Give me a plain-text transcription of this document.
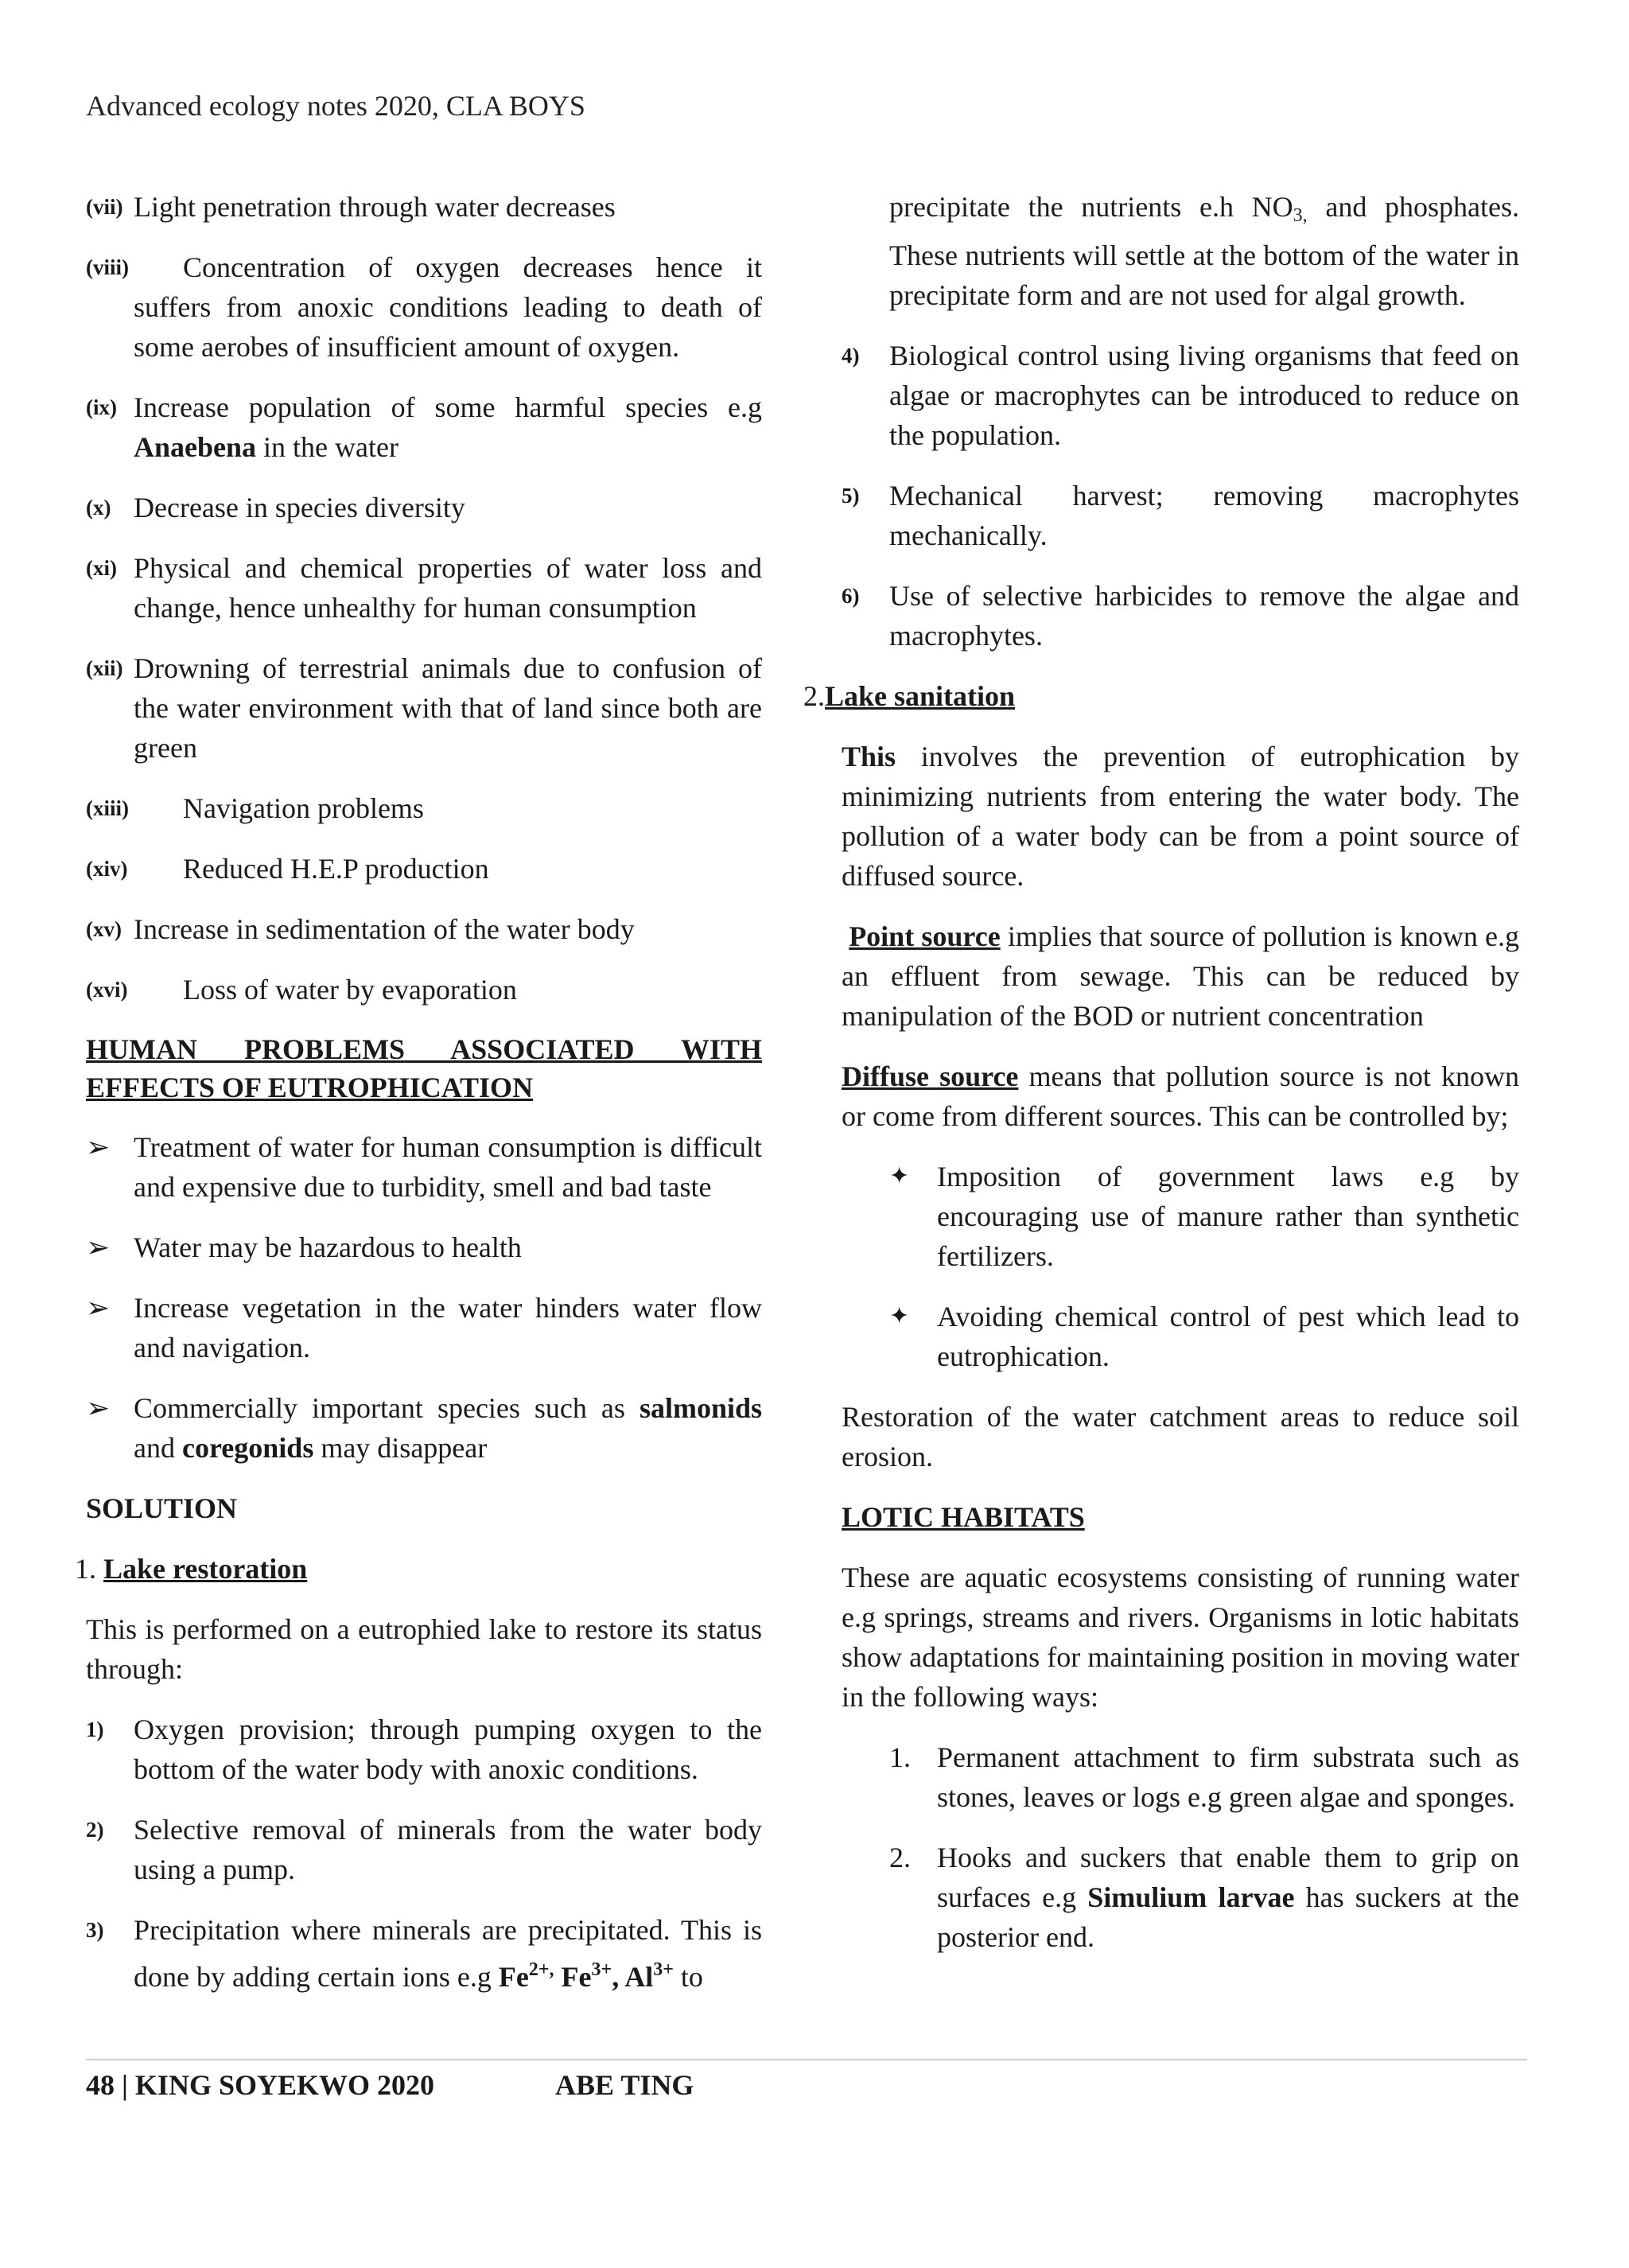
Advanced ecology notes 2020, CLA BOYS
(vii) Light penetration through water decreases
(viii)	Concentration of oxygen decreases hence it suffers from anoxic conditions leading to death of some aerobes of insufficient amount of oxygen.
(ix) Increase population of some harmful species e.g Anaebena in the water
(x) Decrease in species diversity
(xi) Physical and chemical properties of water loss and change, hence unhealthy for human consumption
(xii) Drowning of terrestrial animals due to confusion of the water environment with that of land since both are green
(xiii)	Navigation problems
(xiv)	Reduced H.E.P production
(xv) Increase in sedimentation of the water body
(xvi)	Loss of water by evaporation
HUMAN PROBLEMS ASSOCIATED WITH EFFECTS OF EUTROPHICATION
➢ Treatment of water for human consumption is difficult and expensive due to turbidity, smell and bad taste
➢ Water may be hazardous to health
➢ Increase vegetation in the water hinders water flow and navigation.
➢ Commercially important species such as salmonids and coregonids may disappear
SOLUTION
1. Lake restoration
This is performed on a eutrophied lake to restore its status through:
1)	Oxygen provision; through pumping oxygen to the bottom of the water body with anoxic conditions.
2)	Selective removal of minerals from the water body using a pump.
3)	Precipitation where minerals are precipitated. This is done by adding certain ions e.g $Fe^{2+,}$ $Fe^{3+}$, $Al^{3+}$ to
precipitate the nutrients e.h $NO_{3,}$ and phosphates. These nutrients will settle at the bottom of the water in precipitate form and are not used for algal growth.
4)	Biological control using living organisms that feed on algae or macrophytes can be introduced to reduce on the population.
5)	Mechanical harvest; removing macrophytes mechanically.
6)	Use of selective harbicides to remove the algae and macrophytes.
2.Lake sanitation
This involves the prevention of eutrophication by minimizing nutrients from entering the water body. The pollution of a water body can be from a point source of diffused source.
Point source implies that source of pollution is known e.g an effluent from sewage. This can be reduced by manipulation of the BOD or nutrient concentration
Diffuse source means that pollution source is not known or come from different sources. This can be controlled by;
✦ Imposition of government laws e.g by encouraging use of manure rather than synthetic fertilizers.
✦ Avoiding chemical control of pest which lead to eutrophication.
Restoration of the water catchment areas to reduce soil erosion.
LOTIC HABITATS
These are aquatic ecosystems consisting of running water e.g springs, streams and rivers. Organisms in lotic habitats show adaptations for maintaining position in moving water in the following ways:
1. Permanent attachment to firm substrata such as stones, leaves or logs e.g green algae and sponges.
2. Hooks and suckers that enable them to grip on surfaces e.g Simulium larvae has suckers at the posterior end.
48 | KING SOYEKWO 2020	ABE TING
